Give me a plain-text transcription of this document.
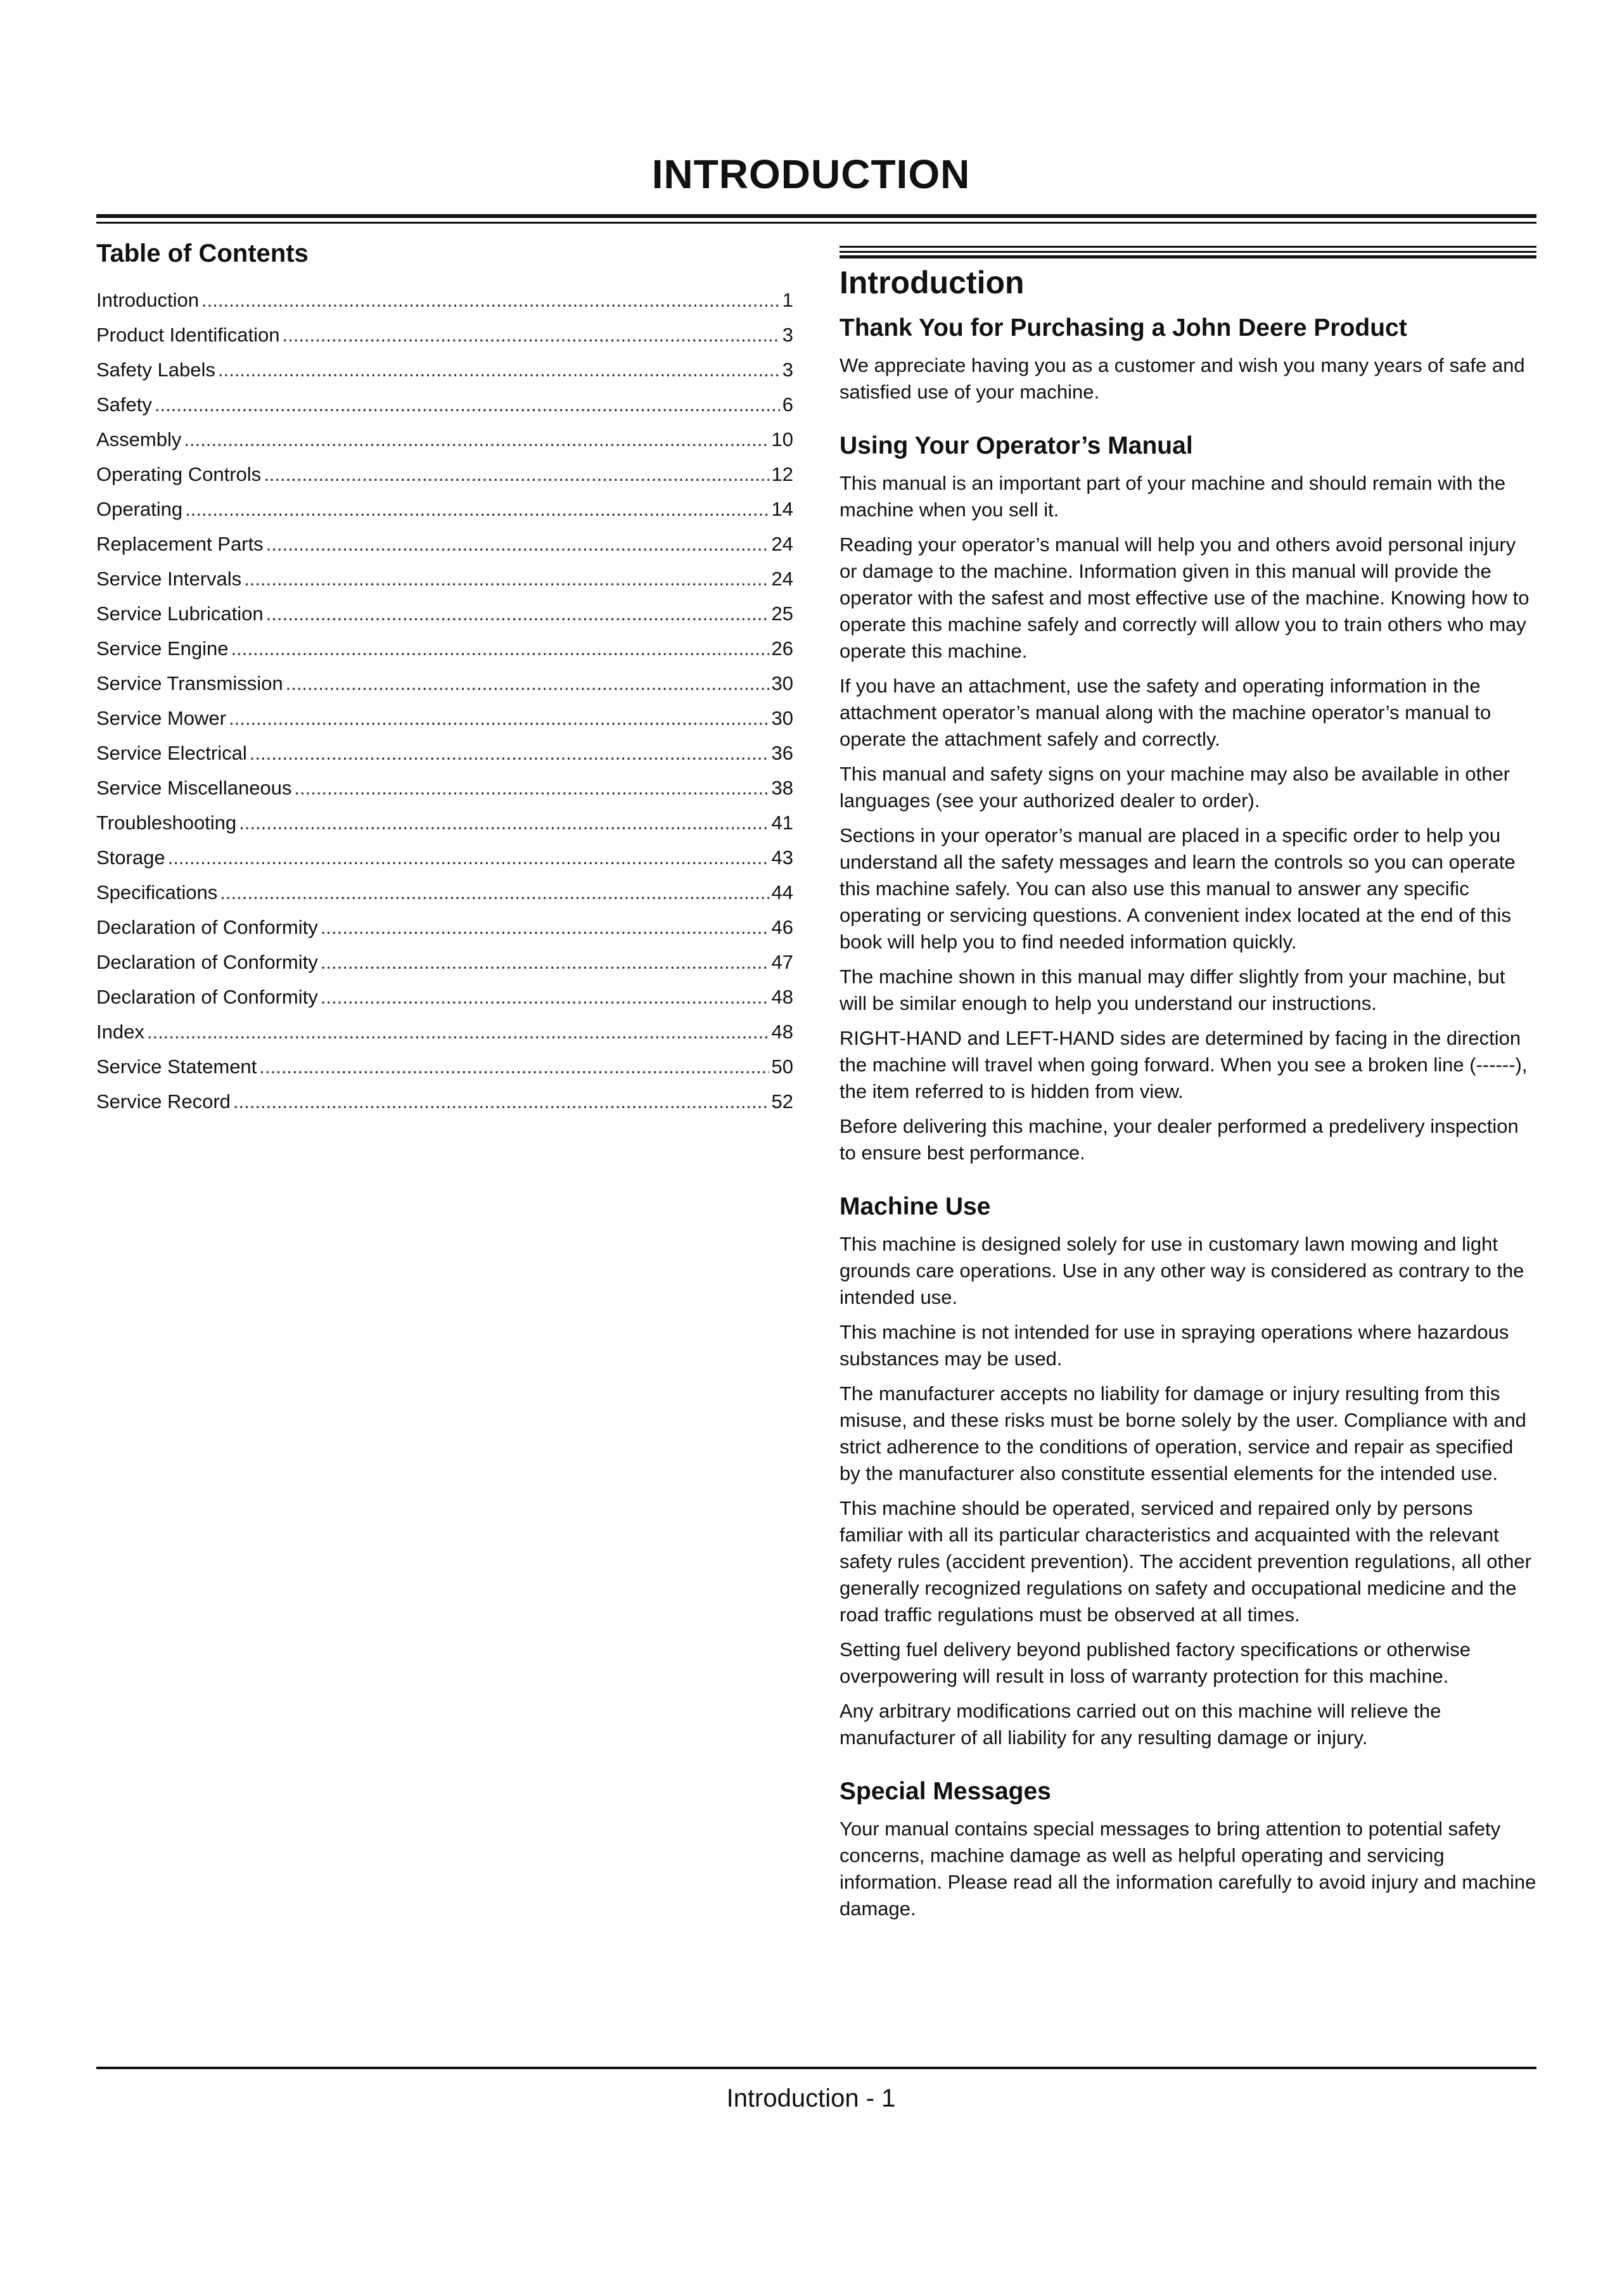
INTRODUCTION
Table of Contents
Introduction .....	1
Product Identification .....	3
Safety Labels .....	3
Safety .....	6
Assembly .....	10
Operating Controls .....	12
Operating .....	14
Replacement Parts .....	24
Service Intervals .....	24
Service Lubrication .....	25
Service Engine .....	26
Service Transmission .....	30
Service Mower .....	30
Service Electrical .....	36
Service Miscellaneous .....	38
Troubleshooting .....	41
Storage .....	43
Specifications .....	44
Declaration of Conformity .....	46
Declaration of Conformity .....	47
Declaration of Conformity .....	48
Index .....	48
Service Statement .....	50
Service Record .....	52
Introduction
Thank You for Purchasing a John Deere Product

We appreciate having you as a customer and wish you many years of safe and satisfied use of your machine.

Using Your Operator’s Manual

This manual is an important part of your machine and should remain with the machine when you sell it.

Reading your operator’s manual will help you and others avoid personal injury or damage to the machine. Information given in this manual will provide the operator with the safest and most effective use of the machine. Knowing how to operate this machine safely and correctly will allow you to train others who may operate this machine.

If you have an attachment, use the safety and operating information in the attachment operator’s manual along with the machine operator’s manual to operate the attachment safely and correctly.

This manual and safety signs on your machine may also be available in other languages (see your authorized dealer to order).

Sections in your operator’s manual are placed in a specific order to help you understand all the safety messages and learn the controls so you can operate this machine safely. You can also use this manual to answer any specific operating or servicing questions. A convenient index located at the end of this book will help you to find needed information quickly.

The machine shown in this manual may differ slightly from your machine, but will be similar enough to help you understand our instructions.

RIGHT-HAND and LEFT-HAND sides are determined by facing in the direction the machine will travel when going forward. When you see a broken line (------), the item referred to is hidden from view.

Before delivering this machine, your dealer performed a predelivery inspection to ensure best performance.

Machine Use

This machine is designed solely for use in customary lawn mowing and light grounds care operations. Use in any other way is considered as contrary to the intended use.

This machine is not intended for use in spraying operations where hazardous substances may be used.

The manufacturer accepts no liability for damage or injury resulting from this misuse, and these risks must be borne solely by the user. Compliance with and strict adherence to the conditions of operation, service and repair as specified by the manufacturer also constitute essential elements for the intended use.

This machine should be operated, serviced and repaired only by persons familiar with all its particular characteristics and acquainted with the relevant safety rules (accident prevention). The accident prevention regulations, all other generally recognized regulations on safety and occupational medicine and the road traffic regulations must be observed at all times.

Setting fuel delivery beyond published factory specifications or otherwise overpowering will result in loss of warranty protection for this machine.

Any arbitrary modifications carried out on this machine will relieve the manufacturer of all liability for any resulting damage or injury.

Special Messages

Your manual contains special messages to bring attention to potential safety concerns, machine damage as well as helpful operating and servicing information. Please read all the information carefully to avoid injury and machine damage.

Introduction - 1
